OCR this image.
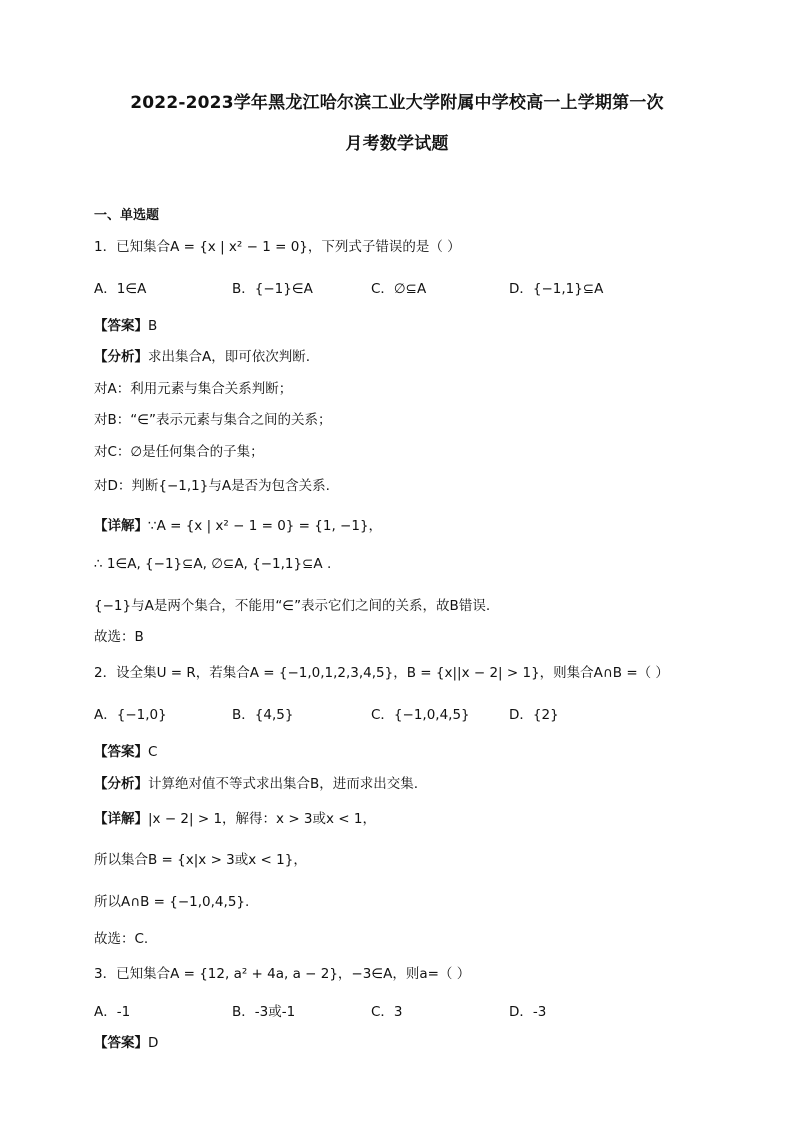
2022-2023学年黑龙江哈尔滨工业大学附属中学校高一上学期第一次
月考数学试题
一、单选题
1．已知集合A = {x | x² − 1 = 0}，下列式子错误的是（ ）
A．1∈A	B．{−1}∈A	C．∅⊆A	D．{−1,1}⊆A
【答案】B
【分析】求出集合A，即可依次判断.
对A：利用元素与集合关系判断；
对B：“∈”表示元素与集合之间的关系；
对C：∅是任何集合的子集；
对D：判断{−1,1}与A是否为包含关系.
【详解】∵A = {x | x² − 1 = 0} = {1, −1}，
∴ 1∈A, {−1}⊆A, ∅⊆A, {−1,1}⊆A .
{−1}与A是两个集合，不能用“∈”表示它们之间的关系，故B错误.
故选：B
2．设全集U = R，若集合A = {−1,0,1,2,3,4,5}，B = {x||x − 2| > 1}，则集合A∩B =（ ）
A．{−1,0}	B．{4,5}	C．{−1,0,4,5}	D．{2}
【答案】C
【分析】计算绝对值不等式求出集合B，进而求出交集.
【详解】|x − 2| > 1，解得：x > 3或x < 1，
所以集合B = {x|x > 3或x < 1}，
所以A∩B = {−1,0,4,5}.
故选：C.
3．已知集合A = {12, a² + 4a, a − 2}，−3∈A，则a=（ ）
A．-1	B．-3或-1	C．3	D．-3
【答案】D
